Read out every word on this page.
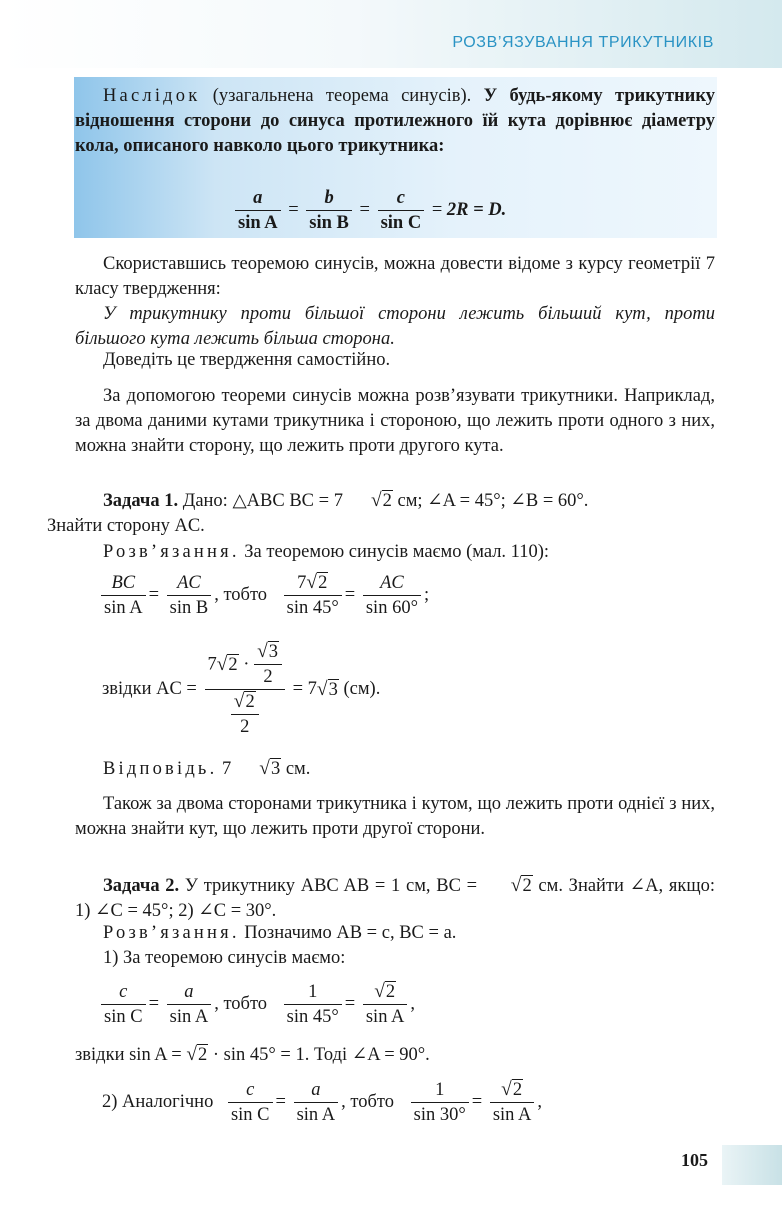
РОЗВ’ЯЗУВАННЯ ТРИКУТНИКІВ
Наслідок (узагальнена теорема синусів). У будь-якому трикутнику відношення сторони до синуса протилежного їй кута дорівнює діаметру кола, описаного навколо цього трикутника:
$\frac{a}{\text{sin A}} = \frac{b}{\text{sin B}} = \frac{c}{\text{sin C}} = 2R = D$.
Скориставшись теоремою синусів, можна довести відоме з курсу геометрії 7 класу твердження:
У трикутнику проти більшої сторони лежить більший кут, проти більшого кута лежить більша сторона.
Доведіть це твердження самостійно.
За допомогою теореми синусів можна розв’язувати трикутники. Наприклад, за двома даними кутами трикутника і стороною, що лежить проти одного з них, можна знайти сторону, що лежить проти другого кута.
Задача 1. Дано: △ABC BC = 7 √2 см; ∠A = 45°; ∠B = 60°.
Знайти сторону AC.
Розв’язання. За теоремою синусів маємо (мал. 110):
$\frac{BC}{\text{sin A}} = \frac{AC}{\text{sin B}}$ , тобто $\frac{7√2}{\sin 45^\circ} = \frac{AC}{\sin 60^\circ}$ ;
звідки AC = $\frac{7√2 \cdot \frac{√3}{2}}{\frac{√2}{2}} = 7√3$ (см).
Відповідь. 7 √3 см.
Також за двома сторонами трикутника і кутом, що лежить проти однієї з них, можна знайти кут, що лежить проти другої сторони.
Задача 2. У трикутнику ABC AB = 1 см, BC = √2 см. Знайти ∠A, якщо: 1) ∠C = 45°; 2) ∠C = 30°.
Розв’язання. Позначимо AB = c, BC = a.
1) За теоремою синусів маємо:
$\frac{c}{\text{sin C}} = \frac{a}{\text{sin A}}$ , тобто $\frac{1}{\sin 45^\circ} = \frac{√2}{\text{sin A}}$ ,
звідки sin A = √2 · sin 45° = 1. Тоді ∠A = 90°.
2) Аналогічно $\frac{c}{\text{sin C}} = \frac{a}{\text{sin A}}$ , тобто $\frac{1}{\sin 30^\circ} = \frac{√2}{\text{sin A}}$ ,
105
